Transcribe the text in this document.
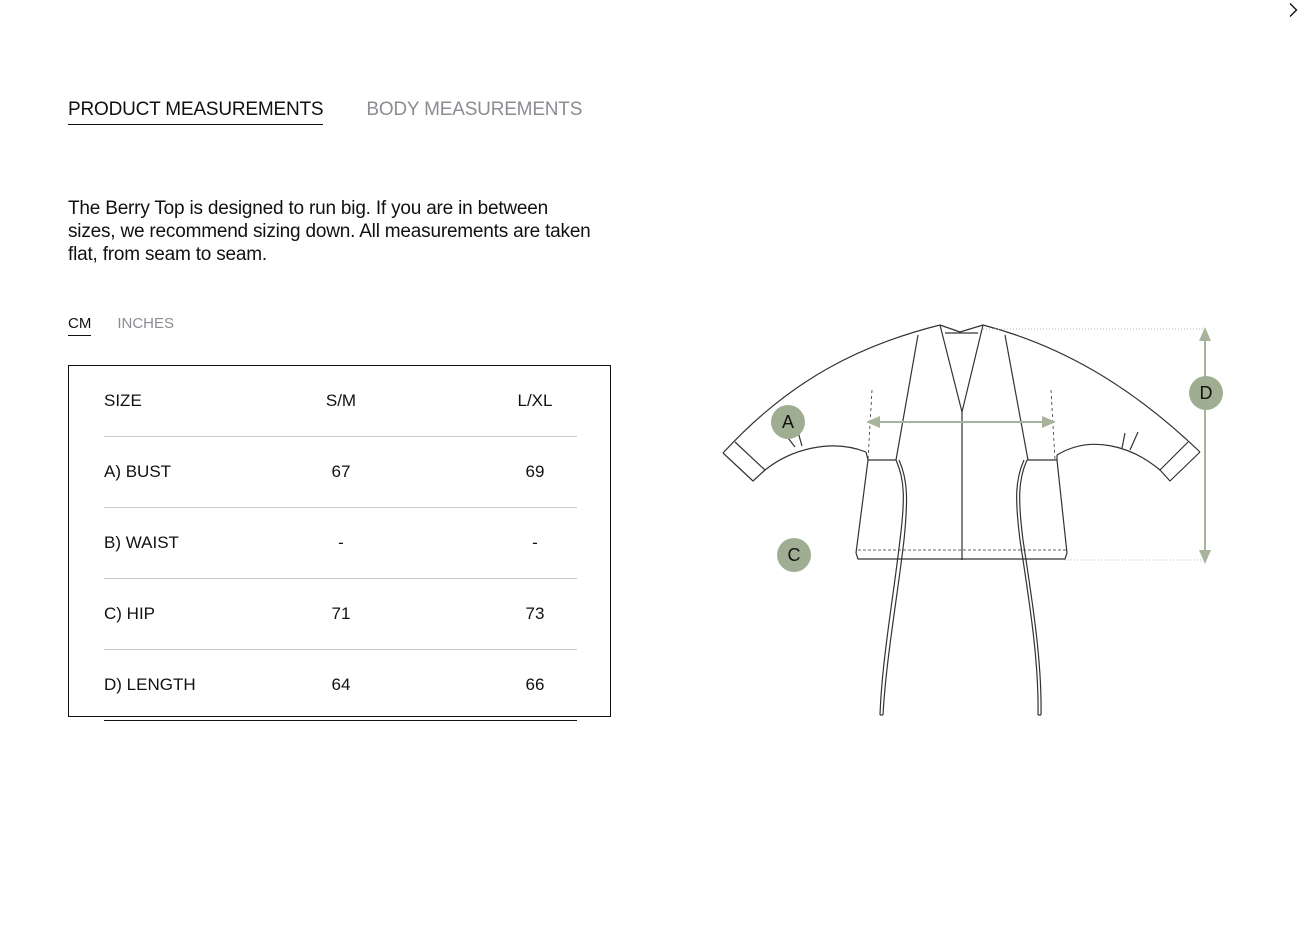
PRODUCT MEASUREMENTS BODY MEASUREMENTS

The Berry Top is designed to run big. If you are in between sizes, we recommend sizing down. All measurements are taken flat, from seam to seam.

CM INCHES
SIZE	S/M		L/XL
A) BUST	67		69
B) WAIST	-		-
C) HIP	71		73
D) LENGTH	64		66
A
C
D
